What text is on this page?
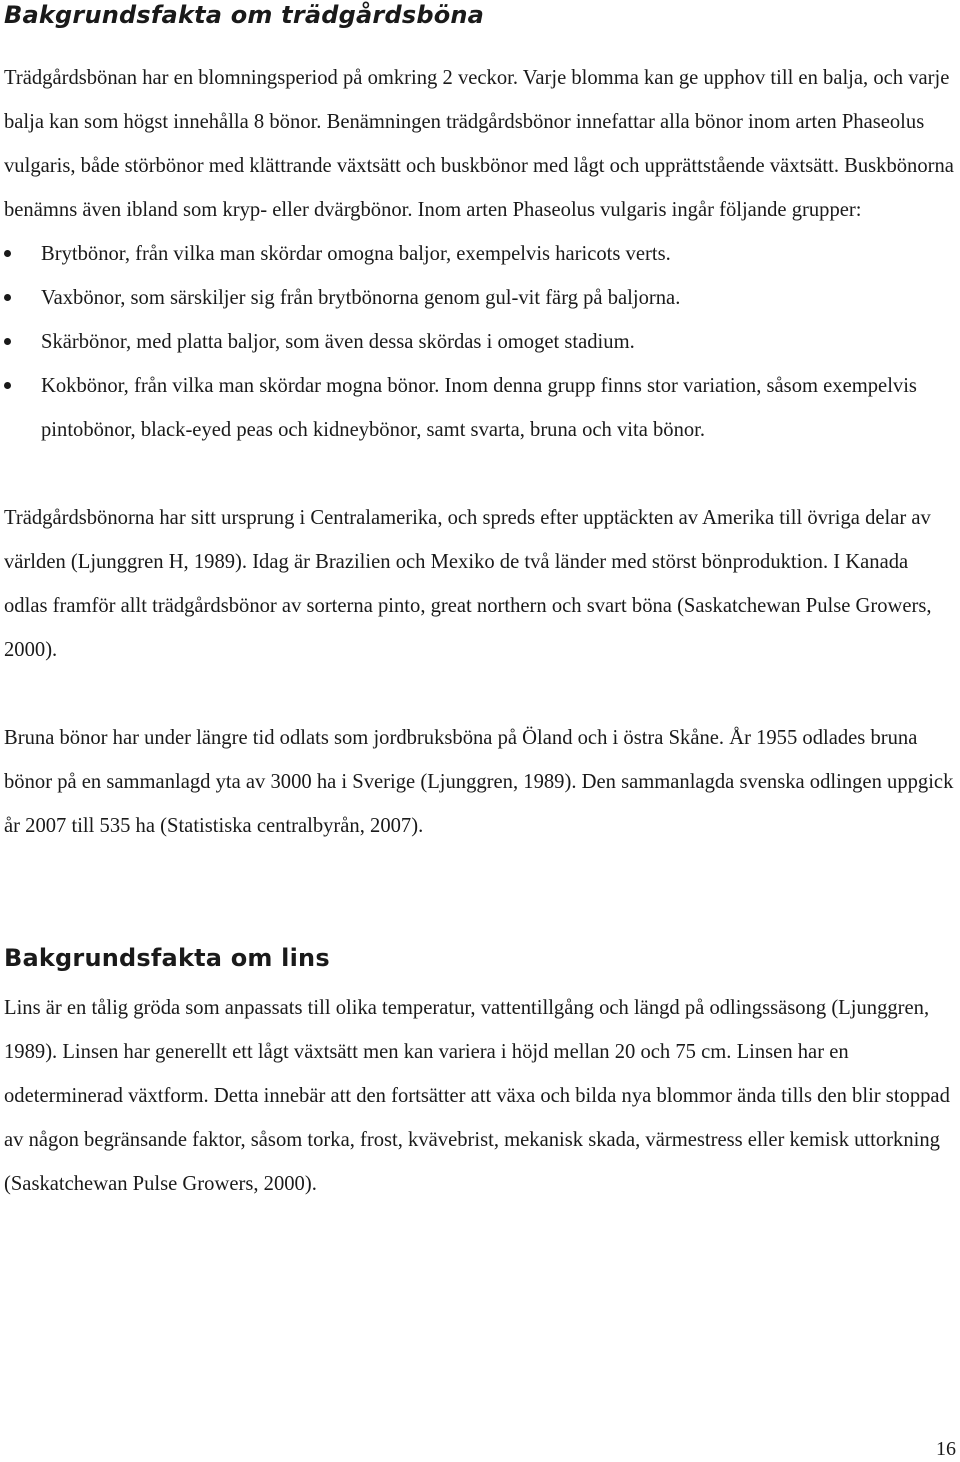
Bakgrundsfakta om trädgårdsböna

Trädgårdsbönan har en blomningsperiod på omkring 2 veckor. Varje blomma kan ge upphov till en balja, och varje balja kan som högst innehålla 8 bönor. Benämningen trädgårdsbönor innefattar alla bönor inom arten Phaseolus vulgaris, både störbönor med klättrande växtsätt och buskbönor med lågt och upprättstående växtsätt. Buskbönorna benämns även ibland som kryp- eller dvärgbönor. Inom arten Phaseolus vulgaris ingår följande grupper:

Brytbönor, från vilka man skördar omogna baljor, exempelvis haricots verts.
Vaxbönor, som särskiljer sig från brytbönorna genom gul-vit färg på baljorna.
Skärbönor, med platta baljor, som även dessa skördas i omoget stadium.
Kokbönor, från vilka man skördar mogna bönor. Inom denna grupp finns stor variation, såsom exempelvis pintobönor, black-eyed peas och kidneybönor, samt svarta, bruna och vita bönor.

Trädgårdsbönorna har sitt ursprung i Centralamerika, och spreds efter upptäckten av Amerika till övriga delar av världen (Ljunggren H, 1989). Idag är Brazilien och Mexiko de två länder med störst bönproduktion. I Kanada odlas framför allt trädgårdsbönor av sorterna pinto, great northern och svart böna (Saskatchewan Pulse Growers, 2000).

Bruna bönor har under längre tid odlats som jordbruksböna på Öland och i östra Skåne. År 1955 odlades bruna bönor på en sammanlagd yta av 3000 ha i Sverige (Ljunggren, 1989). Den sammanlagda svenska odlingen uppgick år 2007 till 535 ha (Statistiska centralbyrån, 2007).

Bakgrundsfakta om lins

Lins är en tålig gröda som anpassats till olika temperatur, vattentillgång och längd på odlingssäsong (Ljunggren, 1989). Linsen har generellt ett lågt växtsätt men kan variera i höjd mellan 20 och 75 cm. Linsen har en odeterminerad växtform. Detta innebär att den fortsätter att växa och bilda nya blommor ända tills den blir stoppad av någon begränsande faktor, såsom torka, frost, kvävebrist, mekanisk skada, värmestress eller kemisk uttorkning (Saskatchewan Pulse Growers, 2000).

16
